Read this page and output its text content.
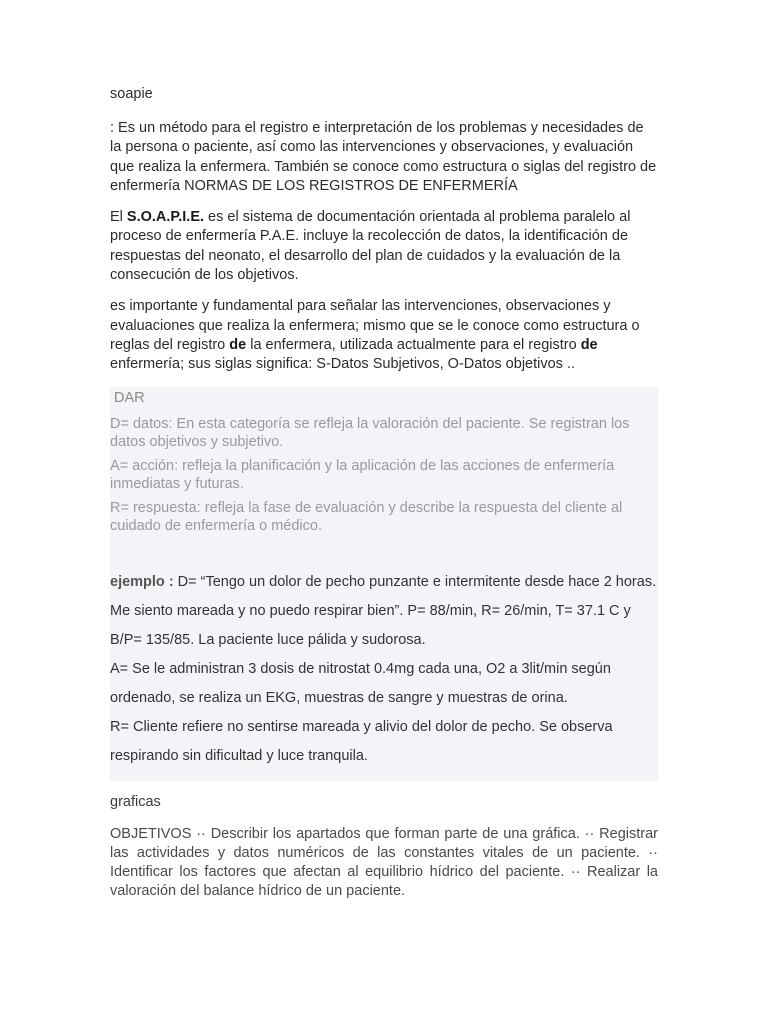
soapie

: Es un método para el registro e interpretación de los problemas y necesidades de la persona o paciente, así como las intervenciones y observaciones, y evaluación que realiza la enfermera. También se conoce como estructura o siglas del registro de enfermería NORMAS DE LOS REGISTROS DE ENFERMERÍA

El S.O.A.P.I.E. es el sistema de documentación orientada al problema paralelo al proceso de enfermería P.A.E. incluye la recolección de datos, la identificación de respuestas del neonato, el desarrollo del plan de cuidados y la evaluación de la consecución de los objetivos.

es importante y fundamental para señalar las intervenciones, observaciones y evaluaciones que realiza la enfermera; mismo que se le conoce como estructura o reglas del registro de la enfermera, utilizada actualmente para el registro de enfermería; sus siglas significa: S-Datos Subjetivos, O-Datos objetivos ..

DAR
D= datos: En esta categoría se refleja la valoración del paciente. Se registran los datos objetivos y subjetivo.
A= acción: refleja la planificación y la aplicación de las acciones de enfermería inmediatas y futuras.
R= respuesta: refleja la fase de evaluación y describe la respuesta del cliente al cuidado de enfermería o médico.

ejemplo : D= “Tengo un dolor de pecho punzante e intermitente desde hace 2 horas. Me siento mareada y no puedo respirar bien”. P= 88/min, R= 26/min, T= 37.1 C y B/P= 135/85. La paciente luce pálida y sudorosa.

A= Se le administran 3 dosis de nitrostat 0.4mg cada una, O2 a 3lit/min según ordenado, se realiza un EKG, muestras de sangre y muestras de orina.

R= Cliente refiere no sentirse mareada y alivio del dolor de pecho. Se observa respirando sin dificultad y luce tranquila.

graficas

OBJETIVOS ·· Describir los apartados que forman parte de una gráfica. ·· Registrar las actividades y datos numéricos de las constantes vitales de un paciente. ·· Identificar los factores que afectan al equilibrio hídrico del paciente. ·· Realizar la valoración del balance hídrico de un paciente.
